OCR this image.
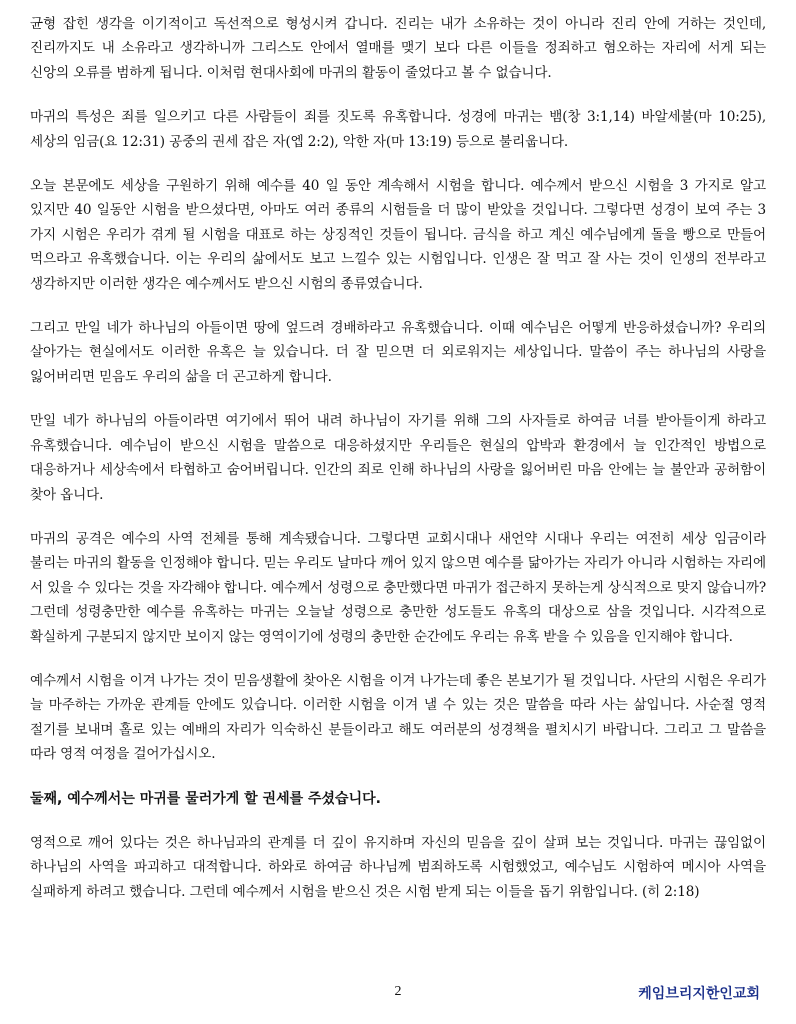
균형 잡힌 생각을 이기적이고 독선적으로 형성시켜 갑니다. 진리는 내가 소유하는 것이 아니라 진리 안에 거하는 것인데, 진리까지도 내 소유라고 생각하니까 그리스도 안에서 열매를 맺기 보다 다른 이들을 정죄하고 혐오하는 자리에 서게 되는 신앙의 오류를 범하게 됩니다. 이처럼 현대사회에 마귀의 활동이 줄었다고 볼 수 없습니다.

마귀의 특성은 죄를 일으키고 다른 사람들이 죄를 짓도록 유혹합니다. 성경에 마귀는 뱀(창 3:1,14) 바알세불(마 10:25), 세상의 임금(요 12:31) 공중의 권세 잡은 자(엡 2:2), 악한 자(마 13:19) 등으로 불리웁니다.

오늘 본문에도 세상을 구원하기 위해 예수를 40 일 동안 계속해서 시험을 합니다. 예수께서 받으신 시험을 3 가지로 알고 있지만 40 일동안 시험을 받으셨다면, 아마도 여러 종류의 시험들을 더 많이 받았을 것입니다. 그렇다면 성경이 보여 주는 3 가지 시험은 우리가 겪게 될 시험을 대표로 하는 상징적인 것들이 됩니다. 금식을 하고 계신 예수님에게 돌을 빵으로 만들어 먹으라고 유혹했습니다. 이는 우리의 삶에서도 보고 느낄수 있는 시험입니다. 인생은 잘 먹고 잘 사는 것이 인생의 전부라고 생각하지만 이러한 생각은 예수께서도 받으신 시험의 종류였습니다.

그리고 만일 네가 하나님의 아들이면 땅에 엎드려 경배하라고 유혹했습니다. 이때 예수님은 어떻게 반응하셨습니까? 우리의 살아가는 현실에서도 이러한 유혹은 늘 있습니다. 더 잘 믿으면 더 외로워지는 세상입니다. 말씀이 주는 하나님의 사랑을 잃어버리면 믿음도 우리의 삶을 더 곤고하게 합니다.

만일 네가 하나님의 아들이라면 여기에서 뛰어 내려 하나님이 자기를 위해 그의 사자들로 하여금 너를 받아들이게 하라고 유혹했습니다. 예수님이 받으신 시험을 말씀으로 대응하셨지만 우리들은 현실의 압박과 환경에서 늘 인간적인 방법으로 대응하거나 세상속에서 타협하고 숨어버립니다. 인간의 죄로 인해 하나님의 사랑을 잃어버린 마음 안에는 늘 불안과 공허함이 찾아 옵니다.

마귀의 공격은 예수의 사역 전체를 통해 계속됐습니다. 그렇다면 교회시대나 새언약 시대나 우리는 여전히 세상 임금이라 불리는 마귀의 활동을 인정해야 합니다. 믿는 우리도 날마다 깨어 있지 않으면 예수를 닮아가는 자리가 아니라 시험하는 자리에 서 있을 수 있다는 것을 자각해야 합니다. 예수께서 성령으로 충만했다면 마귀가 접근하지 못하는게 상식적으로 맞지 않습니까? 그런데 성령충만한 예수를 유혹하는 마귀는 오늘날 성령으로 충만한 성도들도 유혹의 대상으로 삼을 것입니다. 시각적으로 확실하게 구분되지 않지만 보이지 않는 영역이기에 성령의 충만한 순간에도 우리는 유혹 받을 수 있음을 인지해야 합니다.

예수께서 시험을 이겨 나가는 것이 믿음생활에 찾아온 시험을 이겨 나가는데 좋은 본보기가 될 것입니다. 사단의 시험은 우리가 늘 마주하는 가까운 관계들 안에도 있습니다. 이러한 시험을 이겨 낼 수 있는 것은 말씀을 따라 사는 삶입니다. 사순절 영적 절기를 보내며 홀로 있는 예배의 자리가 익숙하신 분들이라고 해도 여러분의 성경책을 펼치시기 바랍니다. 그리고 그 말씀을 따라 영적 여정을 걸어가십시오.

둘째, 예수께서는 마귀를 물러가게 할 권세를 주셨습니다.

영적으로 깨어 있다는 것은 하나님과의 관계를 더 깊이 유지하며 자신의 믿음을 깊이 살펴 보는 것입니다. 마귀는 끊임없이 하나님의 사역을 파괴하고 대적합니다. 하와로 하여금 하나님께 범죄하도록 시험했었고, 예수님도 시험하여 메시아 사역을 실패하게 하려고 했습니다. 그런데 예수께서 시험을 받으신 것은 시험 받게 되는 이들을 돕기 위함입니다. (히 2:18)

2	케임브리지한인교회
